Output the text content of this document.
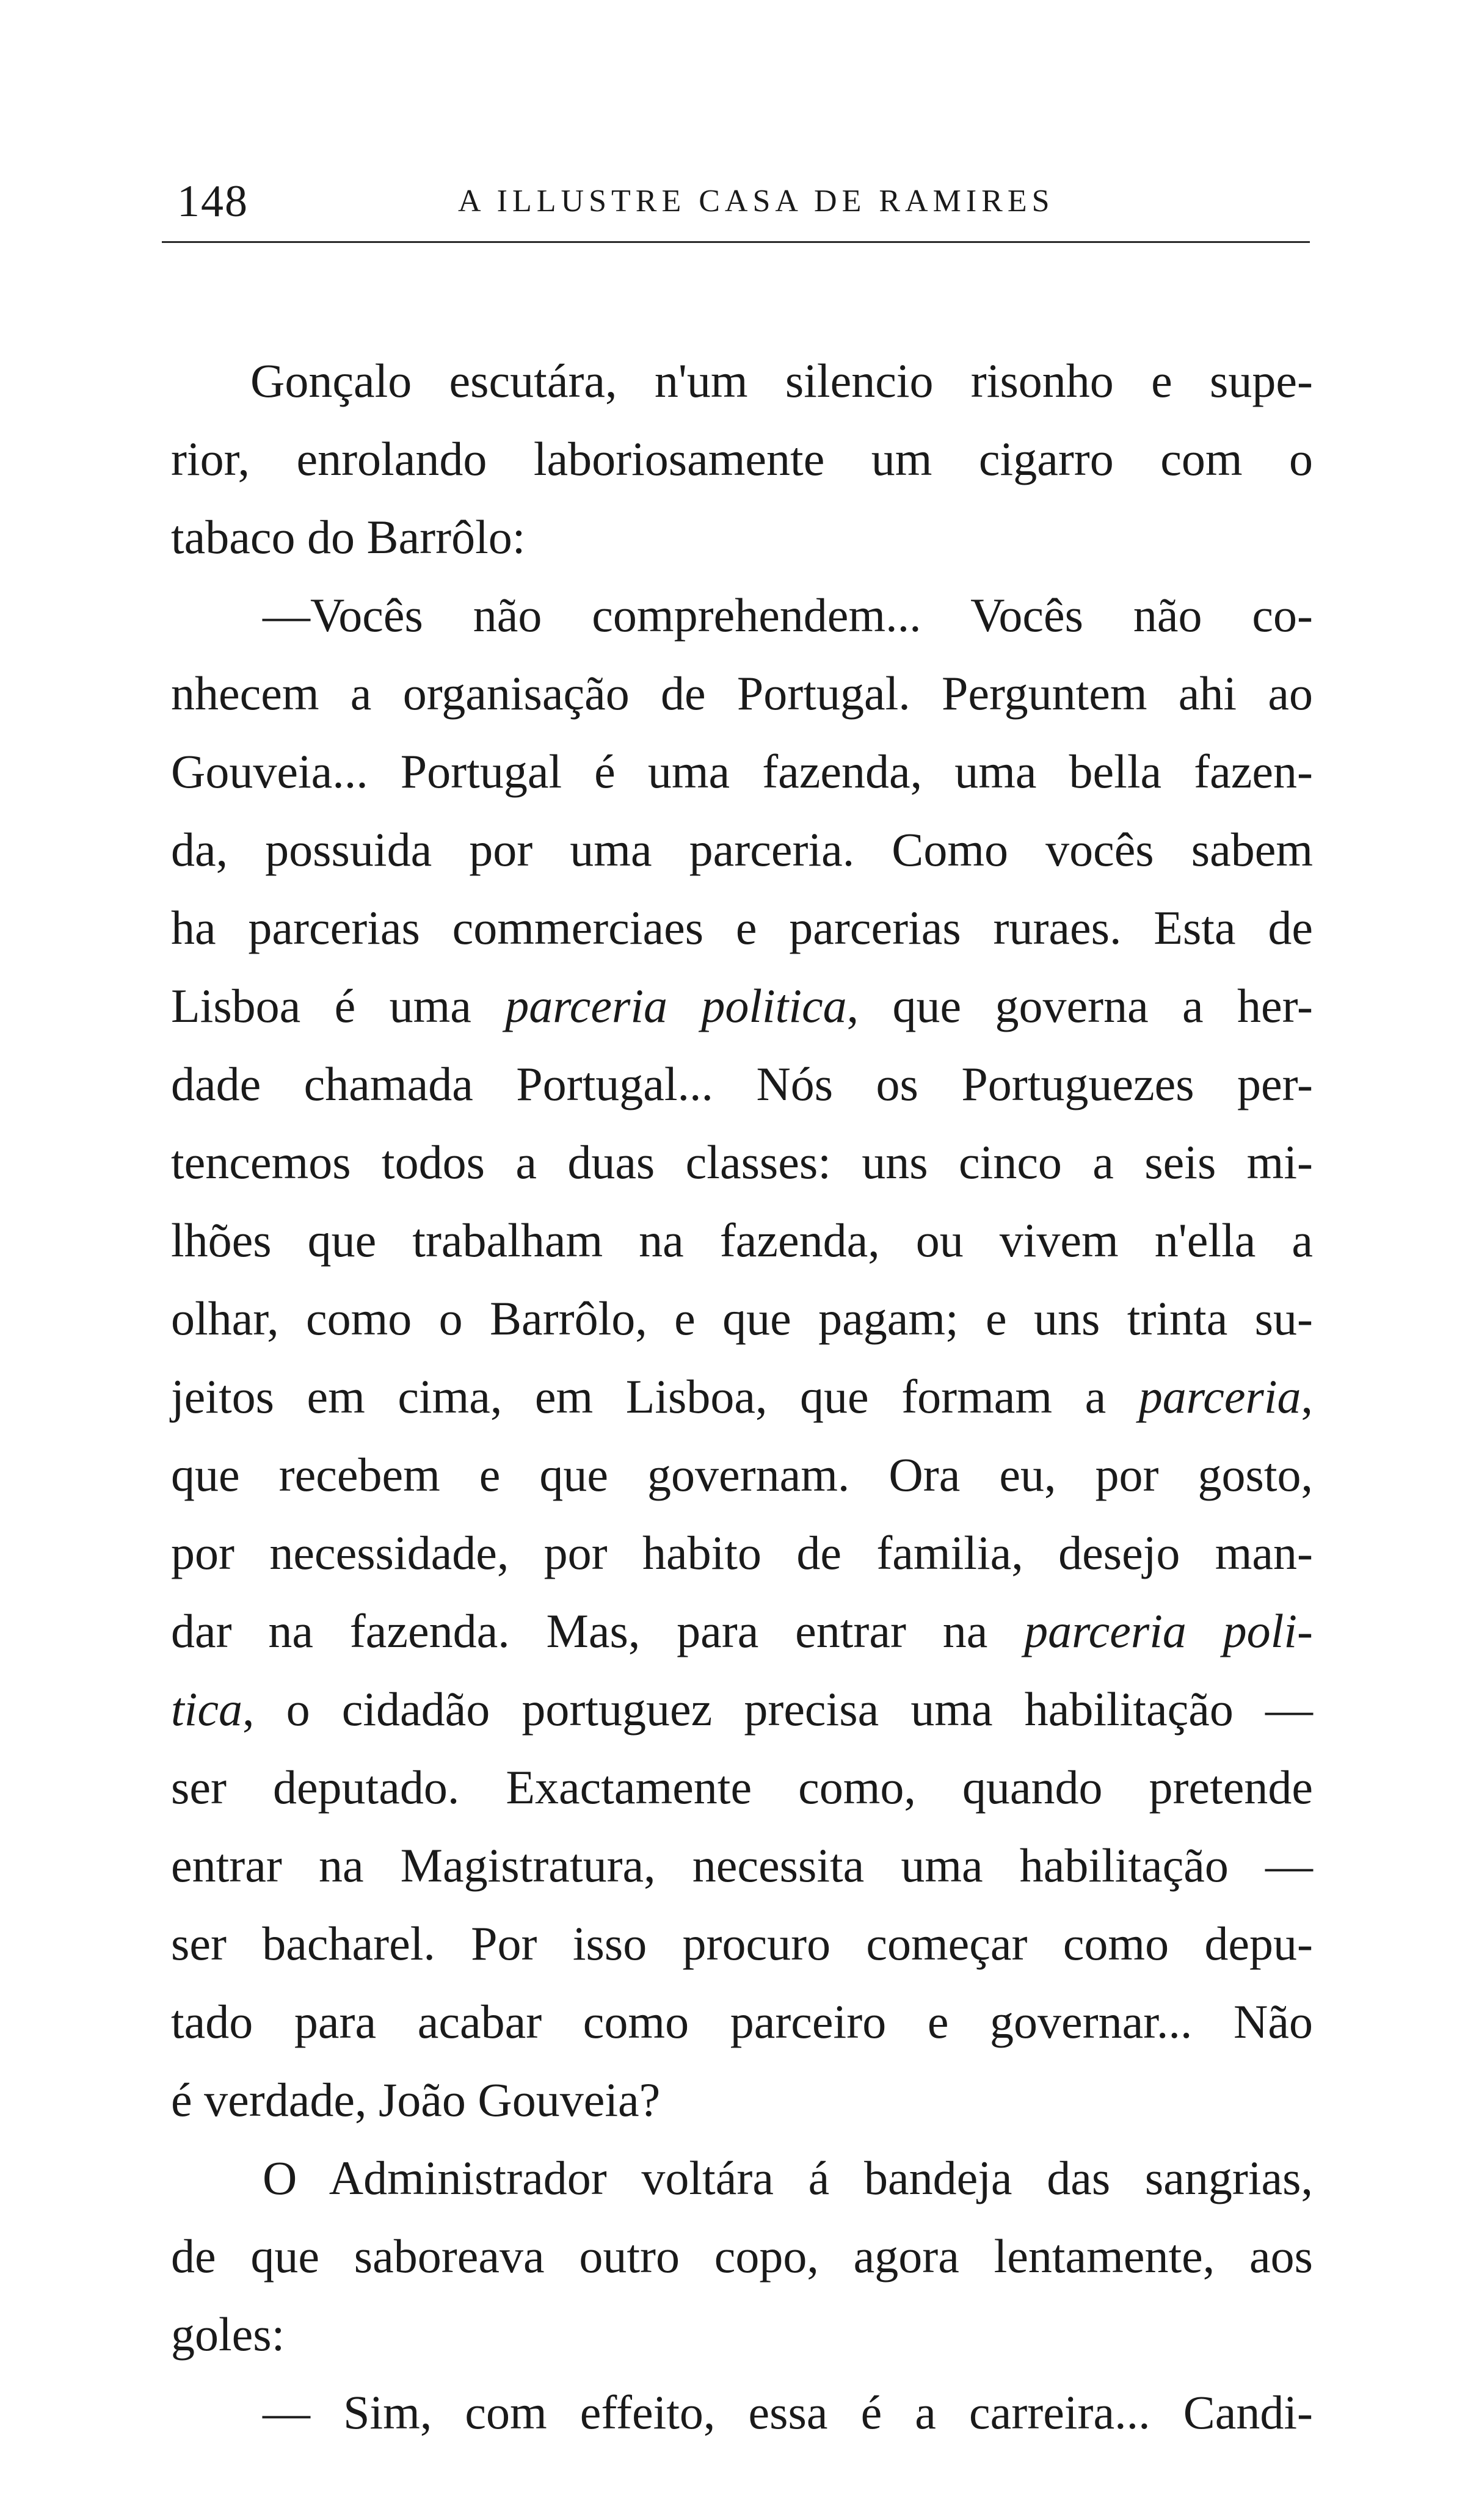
148	A ILLUSTRE CASA DE RAMIRES
Gonçalo escutára, n'um silencio risonho e supe-
rior, enrolando laboriosamente um cigarro com o
tabaco do Barrôlo:
—Vocês não comprehendem... Vocês não co-
nhecem a organisação de Portugal. Perguntem ahi ao
Gouveia... Portugal é uma fazenda, uma bella fazen-
da, possuida por uma parceria. Como vocês sabem
ha parcerias commerciaes e parcerias ruraes. Esta de
Lisboa é uma parceria politica, que governa a her-
dade chamada Portugal... Nós os Portuguezes per-
tencemos todos a duas classes: uns cinco a seis mi-
lhões que trabalham na fazenda, ou vivem n'ella a
olhar, como o Barrôlo, e que pagam; e uns trinta su-
jeitos em cima, em Lisboa, que formam a parceria,
que recebem e que governam. Ora eu, por gosto,
por necessidade, por habito de familia, desejo man-
dar na fazenda. Mas, para entrar na parceria poli-
tica, o cidadão portuguez precisa uma habilitação —
ser deputado. Exactamente como, quando pretende
entrar na Magistratura, necessita uma habilitação —
ser bacharel. Por isso procuro começar como depu-
tado para acabar como parceiro e governar... Não
é verdade, João Gouveia?
O Administrador voltára á bandeja das sangrias,
de que saboreava outro copo, agora lentamente, aos
goles:
— Sim, com effeito, essa é a carreira... Candi-
